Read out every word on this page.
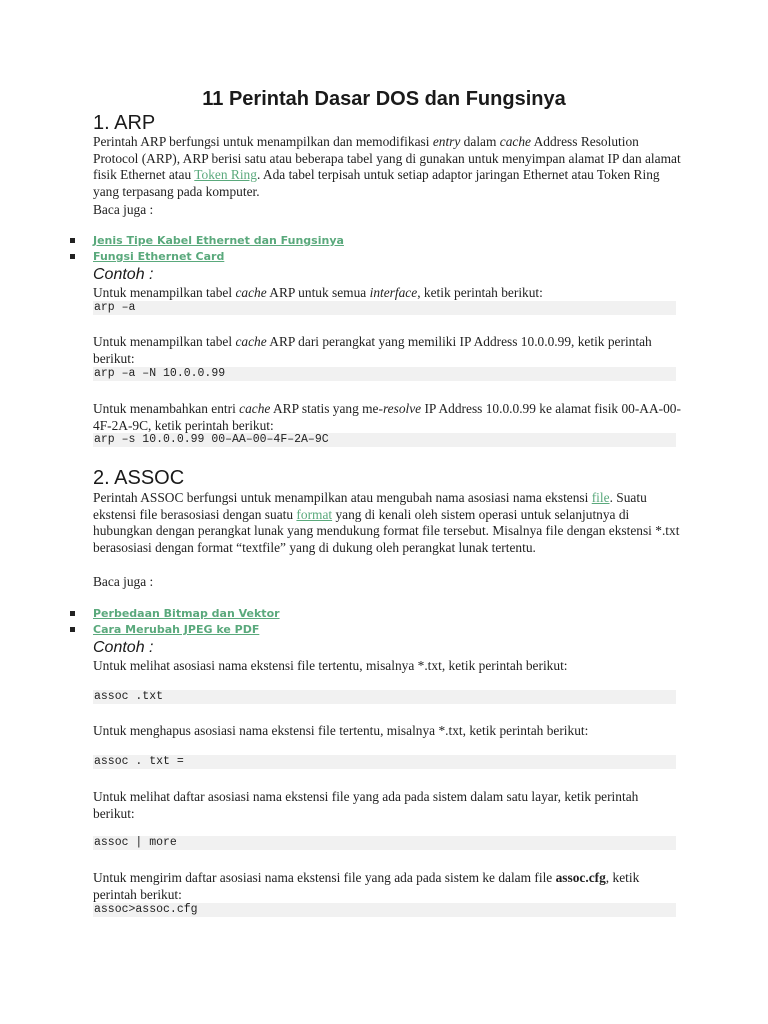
11 Perintah Dasar DOS dan Fungsinya
1. ARP

Perintah ARP berfungsi untuk menampilkan dan memodifikasi entry dalam cache Address Resolution Protocol (ARP), ARP berisi satu atau beberapa tabel yang di gunakan untuk menyimpan alamat IP dan alamat fisik Ethernet atau Token Ring. Ada tabel terpisah untuk setiap adaptor jaringan Ethernet atau Token Ring yang terpasang pada komputer.

Baca juga :

Jenis Tipe Kabel Ethernet dan Fungsinya
Fungsi Ethernet Card

Contoh :

Untuk menampilkan tabel cache ARP untuk semua interface, ketik perintah berikut:

arp –a

Untuk menampilkan tabel cache ARP dari perangkat yang memiliki IP Address 10.0.0.99, ketik perintah berikut:

arp –a –N 10.0.0.99

Untuk menambahkan entri cache ARP statis yang me-resolve IP Address 10.0.0.99 ke alamat fisik 00-AA-00-4F-2A-9C, ketik perintah berikut:

arp –s 10.0.0.99 00–AA–00–4F–2A–9C
2. ASSOC

Perintah ASSOC berfungsi untuk menampilkan atau mengubah nama asosiasi nama ekstensi file. Suatu ekstensi file berasosiasi dengan suatu format yang di kenali oleh sistem operasi untuk selanjutnya di hubungkan dengan perangkat lunak yang mendukung format file tersebut. Misalnya file dengan ekstensi *.txt berasosiasi dengan format “textfile” yang di dukung oleh perangkat lunak tertentu.

Baca juga :

Perbedaan Bitmap dan Vektor
Cara Merubah JPEG ke PDF

Contoh :

Untuk melihat asosiasi nama ekstensi file tertentu, misalnya *.txt, ketik perintah berikut:

assoc .txt

Untuk menghapus asosiasi nama ekstensi file tertentu, misalnya *.txt, ketik perintah berikut:

assoc . txt =

Untuk melihat daftar asosiasi nama ekstensi file yang ada pada sistem dalam satu layar, ketik perintah berikut:

assoc | more

Untuk mengirim daftar asosiasi nama ekstensi file yang ada pada sistem ke dalam file assoc.cfg, ketik perintah berikut:

assoc>assoc.cfg
